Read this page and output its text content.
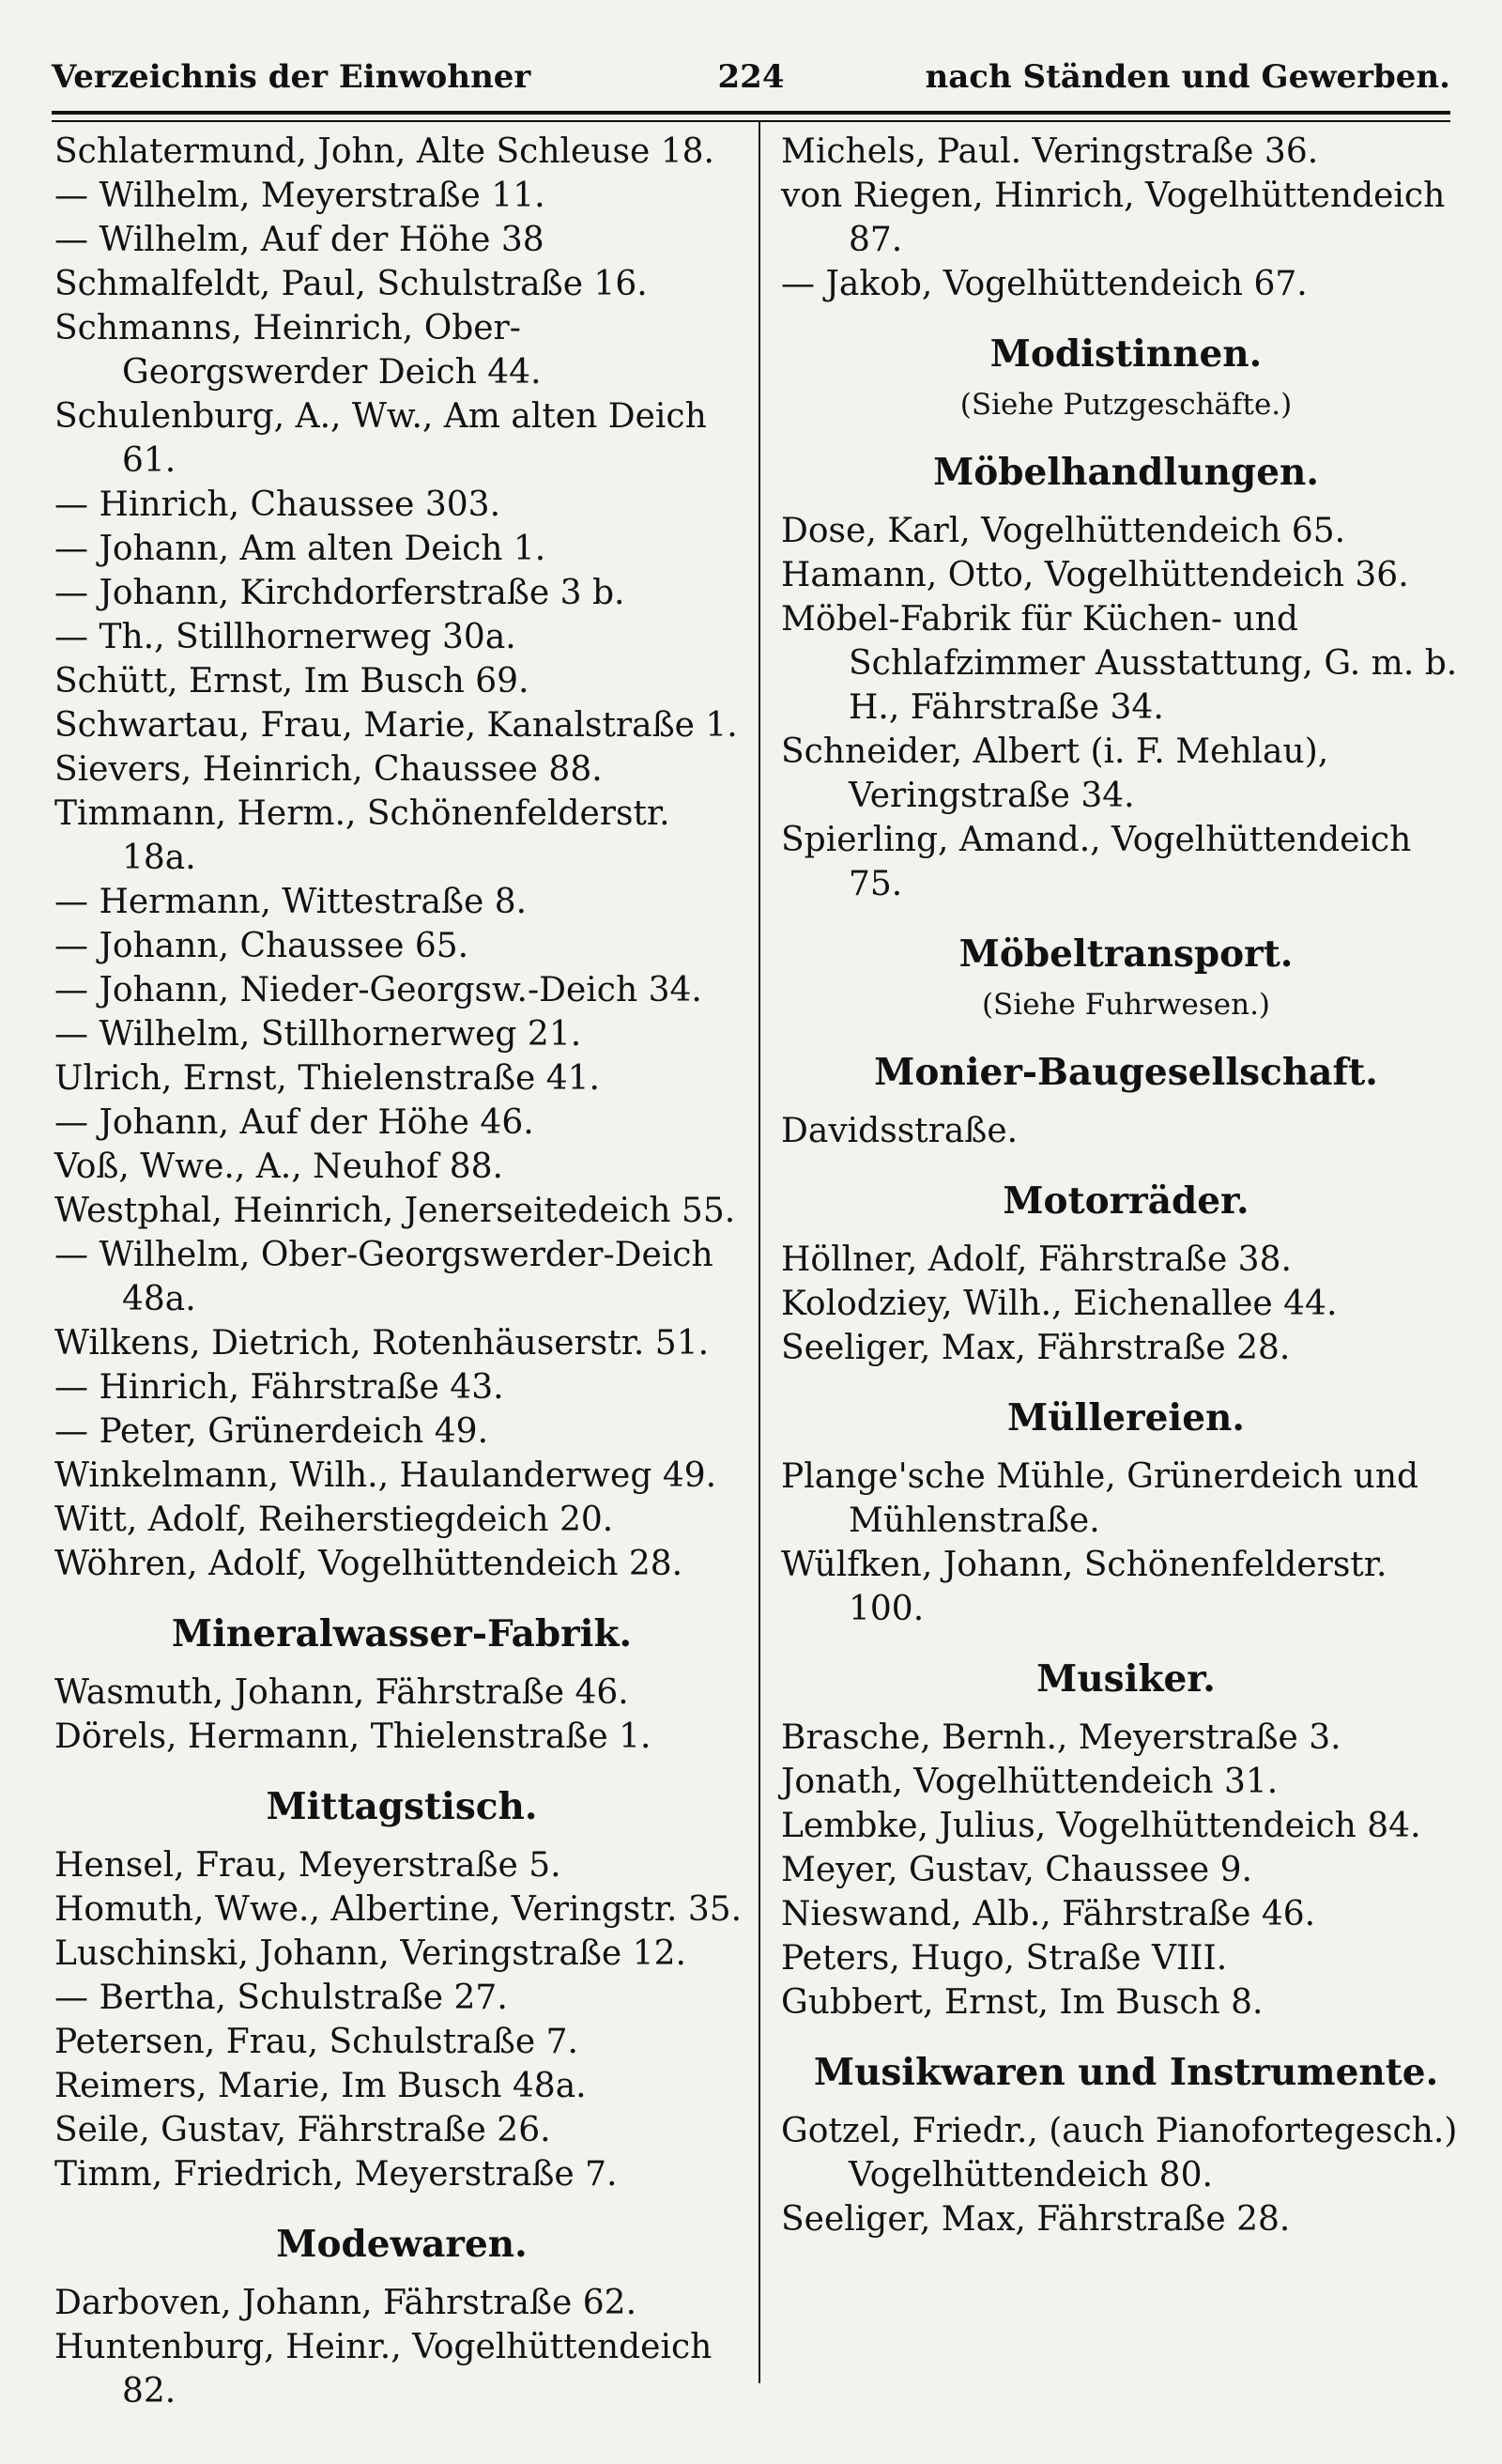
Verzeichnis der Einwohner	224	nach Ständen und Gewerben.
Schlatermund, John, Alte Schleuse 18.
— Wilhelm, Meyerstraße 11.
— Wilhelm, Auf der Höhe 38
Schmalfeldt, Paul, Schulstraße 16.
Schmanns, Heinrich, Ober-Georgswerder Deich 44.
Schulenburg, A., Ww., Am alten Deich 61.
— Hinrich, Chaussee 303.
— Johann, Am alten Deich 1.
— Johann, Kirchdorferstraße 3 b.
— Th., Stillhornerweg 30a.
Schütt, Ernst, Im Busch 69.
Schwartau, Frau, Marie, Kanalstraße 1.
Sievers, Heinrich, Chaussee 88.
Timmann, Herm., Schönenfelderstr. 18a.
— Hermann, Wittestraße 8.
— Johann, Chaussee 65.
— Johann, Nieder-Georgsw.-Deich 34.
— Wilhelm, Stillhornerweg 21.
Ulrich, Ernst, Thielenstraße 41.
— Johann, Auf der Höhe 46.
Voß, Wwe., A., Neuhof 88.
Westphal, Heinrich, Jenerseitedeich 55.
— Wilhelm, Ober-Georgswerder-Deich 48a.
Wilkens, Dietrich, Rotenhäuserstr. 51.
— Hinrich, Fährstraße 43.
— Peter, Grünerdeich 49.
Winkelmann, Wilh., Haulanderweg 49.
Witt, Adolf, Reiherstiegdeich 20.
Wöhren, Adolf, Vogelhüttendeich 28.
Mineralwasser-Fabrik.
Wasmuth, Johann, Fährstraße 46.
Dörels, Hermann, Thielenstraße 1.
Mittagstisch.
Hensel, Frau, Meyerstraße 5.
Homuth, Wwe., Albertine, Veringstr. 35.
Luschinski, Johann, Veringstraße 12.
— Bertha, Schulstraße 27.
Petersen, Frau, Schulstraße 7.
Reimers, Marie, Im Busch 48a.
Seile, Gustav, Fährstraße 26.
Timm, Friedrich, Meyerstraße 7.
Modewaren.
Darboven, Johann, Fährstraße 62.
Huntenburg, Heinr., Vogelhüttendeich 82.
Michels, Paul. Veringstraße 36.
von Riegen, Hinrich, Vogelhüttendeich 87.
— Jakob, Vogelhüttendeich 67.
Modistinnen.
(Siehe Putzgeschäfte.)
Möbelhandlungen.
Dose, Karl, Vogelhüttendeich 65.
Hamann, Otto, Vogelhüttendeich 36.
Möbel-Fabrik für Küchen- und Schlafzimmer Ausstattung, G. m. b. H., Fährstraße 34.
Schneider, Albert (i. F. Mehlau), Veringstraße 34.
Spierling, Amand., Vogelhüttendeich 75.
Möbeltransport.
(Siehe Fuhrwesen.)
Monier-Baugesellschaft.
Davidsstraße.
Motorräder.
Höllner, Adolf, Fährstraße 38.
Kolodziey, Wilh., Eichenallee 44.
Seeliger, Max, Fährstraße 28.
Müllereien.
Plange'sche Mühle, Grünerdeich und Mühlenstraße.
Wülfken, Johann, Schönenfelderstr. 100.
Musiker.
Brasche, Bernh., Meyerstraße 3.
Jonath, Vogelhüttendeich 31.
Lembke, Julius, Vogelhüttendeich 84.
Meyer, Gustav, Chaussee 9.
Nieswand, Alb., Fährstraße 46.
Peters, Hugo, Straße VIII.
Gubbert, Ernst, Im Busch 8.
Musikwaren und Instrumente.
Gotzel, Friedr., (auch Pianofortegesch.) Vogelhüttendeich 80.
Seeliger, Max, Fährstraße 28.
